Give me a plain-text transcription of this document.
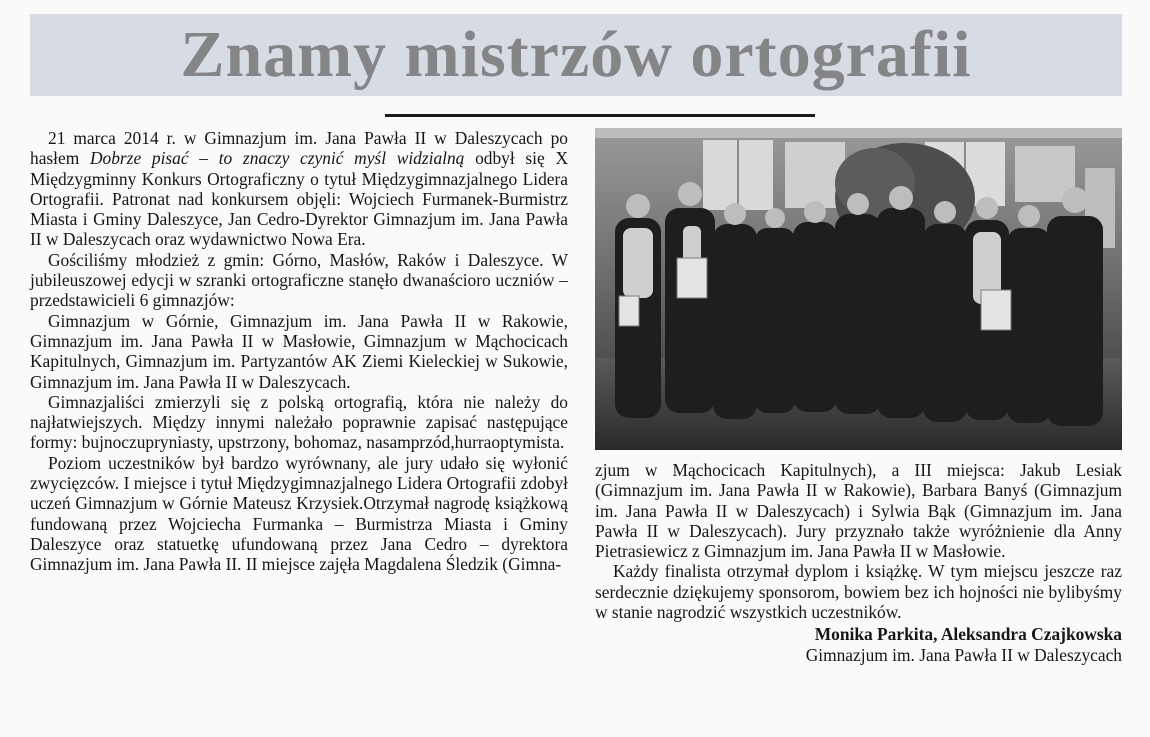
Znamy mistrzów ortografii

21 marca 2014 r. w Gimnazjum im. Jana Pawła II w Daleszycach po hasłem Dobrze pisać – to znaczy czynić myśl widzialną odbył się X Międzygminny Konkurs Ortograficzny o tytuł Międzygimnazjalnego Lidera Ortografii. Patronat nad konkursem objęli: Wojciech Furmanek-Burmistrz Miasta i Gminy Daleszyce, Jan Cedro-Dyrektor Gimnazjum im. Jana Pawła II w Daleszycach oraz wydawnictwo Nowa Era.

Gościliśmy młodzież z gmin: Górno, Masłów, Raków i Daleszyce. W jubileuszowej edycji w szranki ortograficzne stanęło dwanaścioro uczniów – przedstawicieli 6 gimnazjów:

Gimnazjum w Górnie, Gimnazjum im. Jana Pawła II w Rakowie, Gimnazjum im. Jana Pawła II w Masłowie, Gimnazjum w Mąchocicach Kapitulnych, Gimnazjum im. Partyzantów AK Ziemi Kieleckiej w Sukowie, Gimnazjum im. Jana Pawła II w Daleszycach.

Gimnazjaliści zmierzyli się z polską ortografią, która nie należy do najłatwiejszych. Między innymi należało poprawnie zapisać następujące formy: bujnoczupryniasty, upstrzony, bohomaz, nasamprzód,hurraoptymista.

Poziom uczestników był bardzo wyrównany, ale jury udało się wyłonić zwycięzców. I miejsce i tytuł Międzygimnazjalnego Lidera Ortografii zdobył uczeń Gimnazjum w Górnie Mateusz Krzysiek.Otrzymał nagrodę książkową fundowaną przez Wojciecha Furmanka – Burmistrza Miasta i Gminy Daleszyce oraz statuetkę ufundowaną przez Jana Cedro – dyrektora Gimnazjum im. Jana Pawła II. II miejsce zajęła Magdalena Śledzik (Gimna-

zjum w Mąchocicach Kapitulnych), a III miejsca: Jakub Lesiak (Gimnazjum im. Jana Pawła II w Rakowie), Barbara Banyś (Gimnazjum im. Jana Pawła II w Daleszycach) i Sylwia Bąk (Gimnazjum im. Jana Pawła II w Daleszycach). Jury przyznało także wyróżnienie dla Anny Pietrasiewicz z Gimnazjum im. Jana Pawła II w Masłowie.

Każdy finalista otrzymał dyplom i książkę. W tym miejscu jeszcze raz serdecznie dziękujemy sponsorom, bowiem bez ich hojności nie bylibyśmy w stanie nagrodzić wszystkich uczestników.

Monika Parkita, Aleksandra Czajkowska
Gimnazjum im. Jana Pawła II w Daleszycach
